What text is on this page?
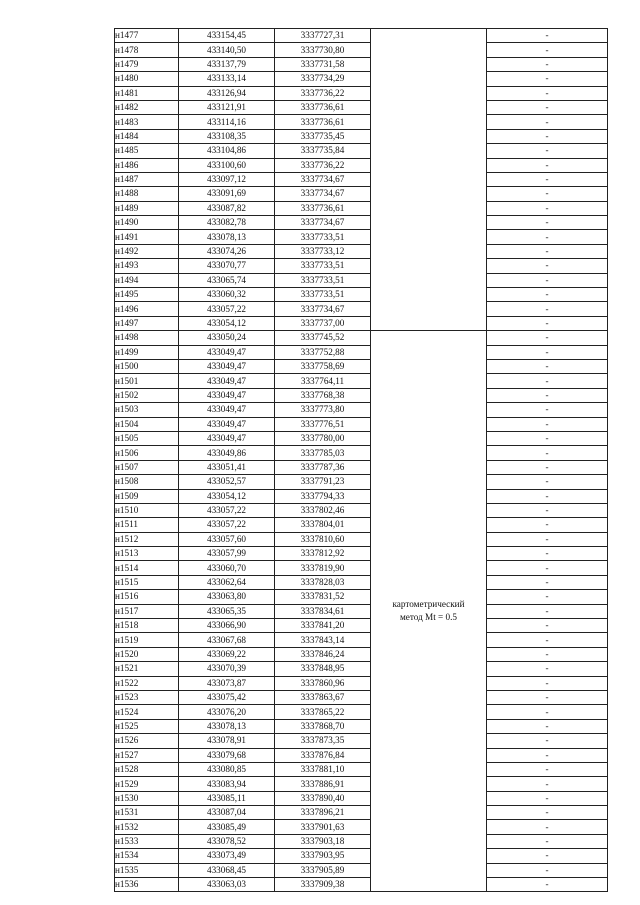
н1477	433154,45	3337727,31		-
н1478	433140,50	3337730,80		-
н1479	433137,79	3337731,58		-
н1480	433133,14	3337734,29		-
н1481	433126,94	3337736,22		-
н1482	433121,91	3337736,61		-
н1483	433114,16	3337736,61		-
н1484	433108,35	3337735,45		-
н1485	433104,86	3337735,84		-
н1486	433100,60	3337736,22		-
н1487	433097,12	3337734,67		-
н1488	433091,69	3337734,67		-
н1489	433087,82	3337736,61		-
н1490	433082,78	3337734,67		-
н1491	433078,13	3337733,51		-
н1492	433074,26	3337733,12		-
н1493	433070,77	3337733,51		-
н1494	433065,74	3337733,51		-
н1495	433060,32	3337733,51		-
н1496	433057,22	3337734,67		-
н1497	433054,12	3337737,00		-
н1498	433050,24	3337745,52	картометрический
метод Mt = 0.5	-
н1499	433049,47	3337752,88		-
н1500	433049,47	3337758,69		-
н1501	433049,47	3337764,11		-
н1502	433049,47	3337768,38		-
н1503	433049,47	3337773,80		-
н1504	433049,47	3337776,51		-
н1505	433049,47	3337780,00		-
н1506	433049,86	3337785,03		-
н1507	433051,41	3337787,36		-
н1508	433052,57	3337791,23		-
н1509	433054,12	3337794,33		-
н1510	433057,22	3337802,46		-
н1511	433057,22	3337804,01		-
н1512	433057,60	3337810,60		-
н1513	433057,99	3337812,92		-
н1514	433060,70	3337819,90		-
н1515	433062,64	3337828,03		-
н1516	433063,80	3337831,52		-
н1517	433065,35	3337834,61		-
н1518	433066,90	3337841,20		-
н1519	433067,68	3337843,14		-
н1520	433069,22	3337846,24		-
н1521	433070,39	3337848,95		-
н1522	433073,87	3337860,96		-
н1523	433075,42	3337863,67		-
н1524	433076,20	3337865,22		-
н1525	433078,13	3337868,70		-
н1526	433078,91	3337873,35		-
н1527	433079,68	3337876,84		-
н1528	433080,85	3337881,10		-
н1529	433083,94	3337886,91		-
н1530	433085,11	3337890,40		-
н1531	433087,04	3337896,21		-
н1532	433085,49	3337901,63		-
н1533	433078,52	3337903,18		-
н1534	433073,49	3337903,95		-
н1535	433068,45	3337905,89		-
н1536	433063,03	3337909,38		-
